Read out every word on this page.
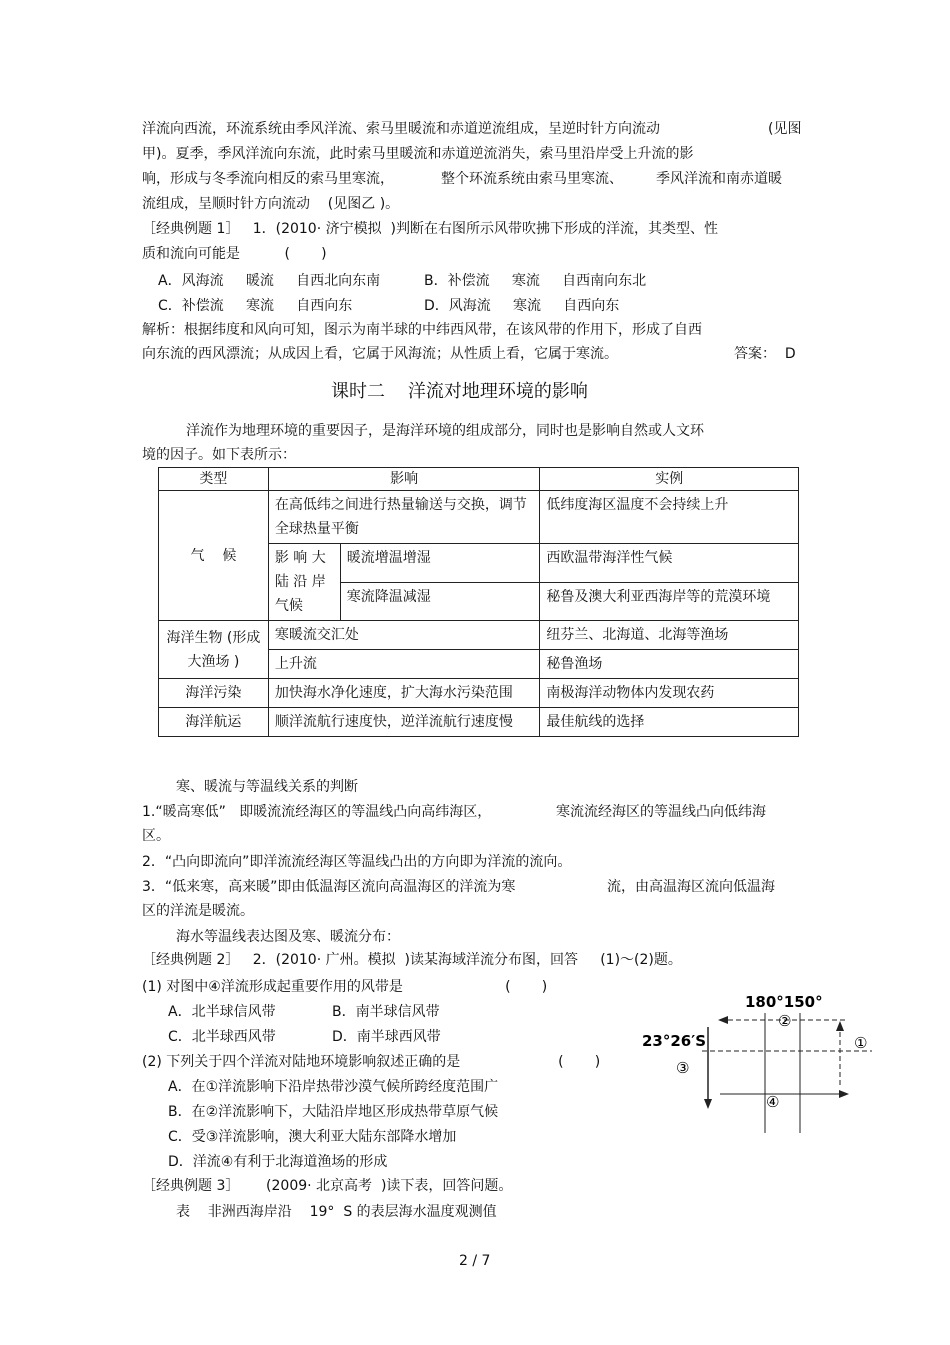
洋流向西流，环流系统由季风洋流、索马里暖流和赤道逆流组成，呈逆时针方向流动	(见图
甲)。夏季，季风洋流向东流，此时索马里暖流和赤道逆流消失，索马里沿岸受上升流的影
响，形成与冬季流向相反的索马里寒流，	整个环流系统由索马里寒流、 季风洋流和南赤道暖
流组成，呈顺时针方向流动    (见图乙 )。
［经典例题 1］   1．(2010· 济宁模拟  )判断在右图所示风带吹拂下形成的洋流，其类型、性
质和流向可能是          (       )
A．风海流     暖流     自西北向东南	B．补偿流     寒流     自西南向东北
C．补偿流     寒流     自西向东	D．风海流     寒流     自西向东
解析：根据纬度和风向可知，图示为南半球的中纬西风带，在该风带的作用下，形成了自西
向东流的西风漂流；从成因上看，它属于风海流；从性质上看，它属于寒流。	答案：  D
课时二    洋流对地理环境的影响
洋流作为地理环境的重要因子，是海洋环境的组成部分，同时也是影响自然或人文环
境的因子。如下表所示：
类型	影响		实例
气    候	在高低纬之间进行热量输送与交换，调节全球热量平衡		低纬度海区温度不会持续上升
	影 响 大陆 沿 岸气候	暖流增温增湿	西欧温带海洋性气候
		寒流降温减湿	秘鲁及澳大利亚西海岸等的荒漠环境
海洋生物 (形成大渔场 )	寒暖流交汇处		纽芬兰、北海道、北海等渔场
	上升流		秘鲁渔场
海洋污染	加快海水净化速度，扩大海水污染范围		南极海洋动物体内发现农药
海洋航运	顺洋流航行速度快，逆洋流航行速度慢		最佳航线的选择
寒、暖流与等温线关系的判断
1.“暖高寒低”   即暖流流经海区的等温线凸向高纬海区，	寒流流经海区的等温线凸向低纬海
区。
2．“凸向即流向”即洋流流经海区等温线凸出的方向即为洋流的流向。
3．“低来寒，高来暖”即由低温海区流向高温海区的洋流为寒	流，由高温海区流向低温海
区的洋流是暖流。
海水等温线表达图及寒、暖流分布：
［经典例题 2］   2．(2010· 广州。模拟  )读某海域洋流分布图，回答     (1)～(2)题。
(1) 对图中④洋流形成起重要作用的风带是                       (       )
A．北半球信风带	B．南半球信风带
C．北半球西风带	D．南半球西风带
(2) 下列关于四个洋流对陆地环境影响叙述正确的是                      (       )
A．在①洋流影响下沿岸热带沙漠气候所跨经度范围广
B．在②洋流影响下，大陆沿岸地区形成热带草原气候
C．受③洋流影响，澳大利亚大陆东部降水增加
D．洋流④有利于北海道渔场的形成
180°150°
②
23°26′S
③
①
④
［经典例题 3］      (2009· 北京高考  )读下表，回答问题。
表    非洲西海岸沿    19°  S 的表层海水温度观测值
2 / 7
